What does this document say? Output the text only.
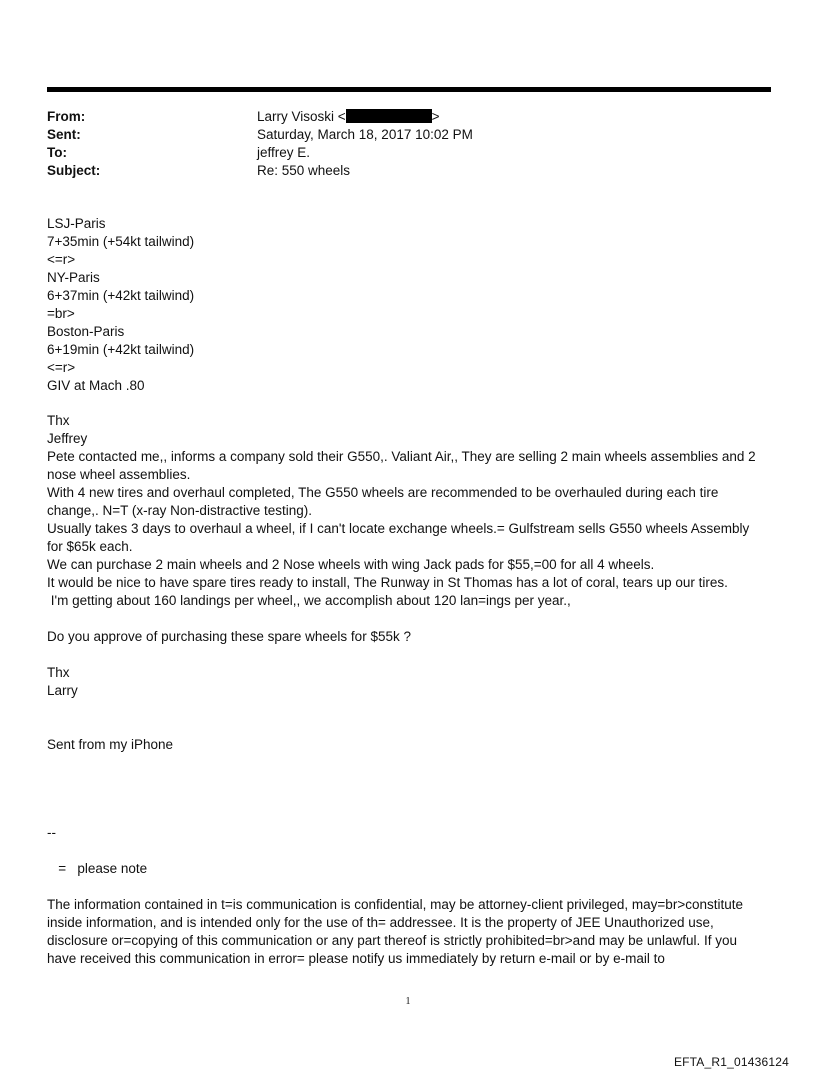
From:	Larry Visoski <	>
Sent:	Saturday, March 18, 2017 10:02 PM
To:	jeffrey E.
Subject:	Re: 550 wheels
LSJ-Paris
7+35min (+54kt tailwind)
<=r>
NY-Paris
6+37min (+42kt tailwind)
=br>
Boston-Paris
6+19min (+42kt tailwind)
<=r>
GIV at Mach .80
Thx
Jeffrey
Pete contacted me,, informs a company sold their G550,. Valiant Air,, They are selling 2 main wheels assemblies and 2 nose wheel assemblies.
With 4 new tires and overhaul completed, The G550 wheels are recommended to be overhauled during each tire change,. N=T (x-ray Non-distractive testing).
Usually takes 3 days to overhaul a wheel, if I can't locate exchange wheels.= Gulfstream sells G550 wheels Assembly for $65k each.
We can purchase 2 main wheels and 2 Nose wheels with wing Jack pads for $55,=00 for all 4 wheels.
It would be nice to have spare tires ready to install, The Runway in St Thomas has a lot of coral, tears up our tires.
I'm getting about 160 landings per wheel,, we accomplish about 120 lan=ings per year.,
Do you approve of purchasing these spare wheels for $55k ?
Thx
Larry
Sent from my iPhone
--
=   please note
The information contained in t=is communication is confidential, may be attorney-client privileged, may=br>constitute inside information, and is intended only for the use of th= addressee. It is the property of JEE Unauthorized use, disclosure or=copying of this communication or any part thereof is strictly prohibited=br>and may be unlawful. If you have received this communication in error= please notify us immediately by return e-mail or by e-mail to
1
EFTA_R1_01436124
